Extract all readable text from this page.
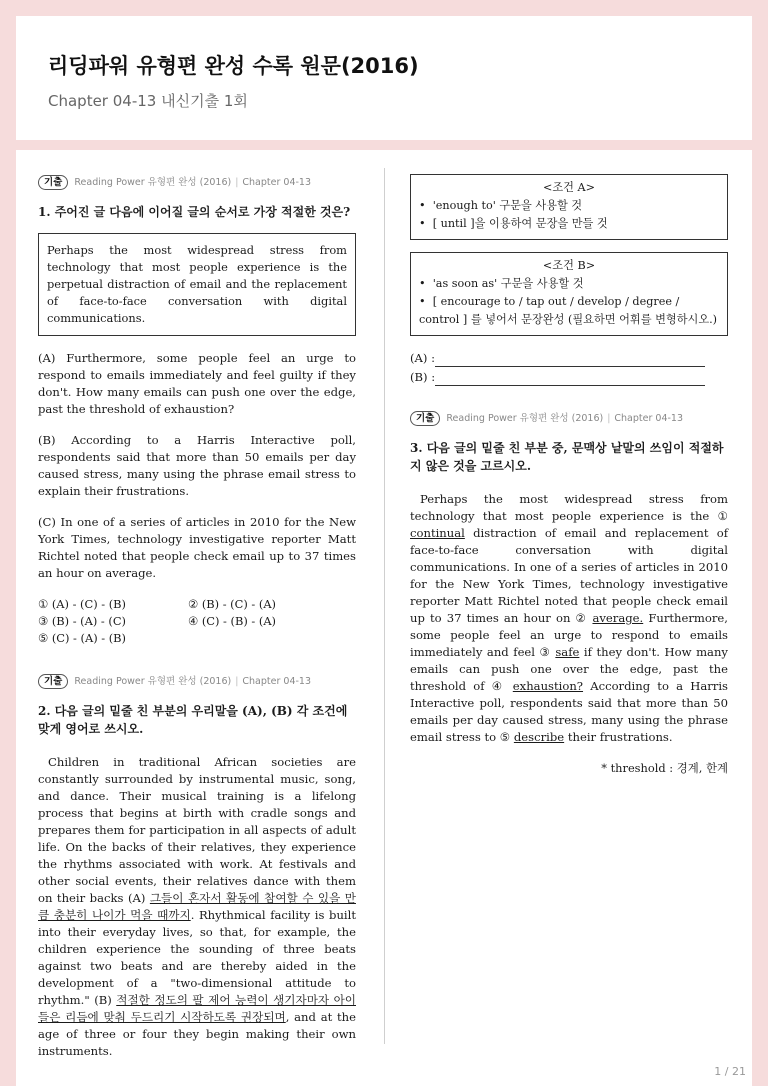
리딩파워 유형편 완성 수록 원문(2016)
Chapter 04-13 내신기출 1회
기출	Reading Power 유형편 완성 (2016) | Chapter 04-13
1. 주어진 글 다음에 이어질 글의 순서로 가장 적절한 것은?
Perhaps the most widespread stress from technology that most people experience is the perpetual distraction of email and the replacement of face-to-face conversation with digital communications.

(A) Furthermore, some people feel an urge to respond to emails immediately and feel guilty if they don't. How many emails can push one over the edge, past the threshold of exhaustion?

(B) According to a Harris Interactive poll, respondents said that more than 50 emails per day caused stress, many using the phrase email stress to explain their frustrations.

(C) In one of a series of articles in 2010 for the New York Times, technology investigative reporter Matt Richtel noted that people check email up to 37 times an hour on average.

① (A) - (C) - (B)	② (B) - (C) - (A)
③ (B) - (A) - (C)	④ (C) - (B) - (A)
⑤ (C) - (A) - (B)
기출	Reading Power 유형편 완성 (2016) | Chapter 04-13
2. 다음 글의 밑줄 친 부분의 우리말을 (A), (B) 각 조건에 맞게 영어로 쓰시오.

Children in traditional African societies are constantly surrounded by instrumental music, song, and dance. Their musical training is a lifelong process that begins at birth with cradle songs and prepares them for participation in all aspects of adult life. On the backs of their relatives, they experience the rhythms associated with work. At festivals and other social events, their relatives dance with them on their backs (A) 그들이 혼자서 활동에 참여할 수 있을 만큼 충분히 나이가 먹을 때까지. Rhythmical facility is built into their everyday lives, so that, for example, the children experience the sounding of three beats against two beats and are thereby aided in the development of a "two-dimensional attitude to rhythm." (B) 적절한 정도의 팔 제어 능력이 생기자마자 아이들은 리듬에 맞춰 두드리기 시작하도록 권장되며, and at the age of three or four they begin making their own instruments.

<조건 A>
•  'enough to' 구문을 사용할 것
•  [ until ]을 이용하여 문장을 만들 것
<조건 B>
•  'as soon as' 구문을 사용할 것
•  [ encourage to / tap out / develop / degree / control ] 를 넣어서 문장완성 (필요하면 어휘를 변형하시오.)
(A) :
(B) :
기출	Reading Power 유형편 완성 (2016) | Chapter 04-13
3. 다음 글의 밑줄 친 부분 중, 문맥상 낱말의 쓰임이 적절하지 않은 것을 고르시오.

Perhaps the most widespread stress from technology that most people experience is the ① continual distraction of email and replacement of face-to-face conversation with digital communications. In one of a series of articles in 2010 for the New York Times, technology investigative reporter Matt Richtel noted that people check email up to 37 times an hour on ② average. Furthermore, some people feel an urge to respond to emails immediately and feel ③ safe if they don't. How many emails can push one over the edge, past the threshold of ④ exhaustion? According to a Harris Interactive poll, respondents said that more than 50 emails per day caused stress, many using the phrase email stress to ⑤ describe their frustrations.

* threshold : 경계, 한계
1 / 21
